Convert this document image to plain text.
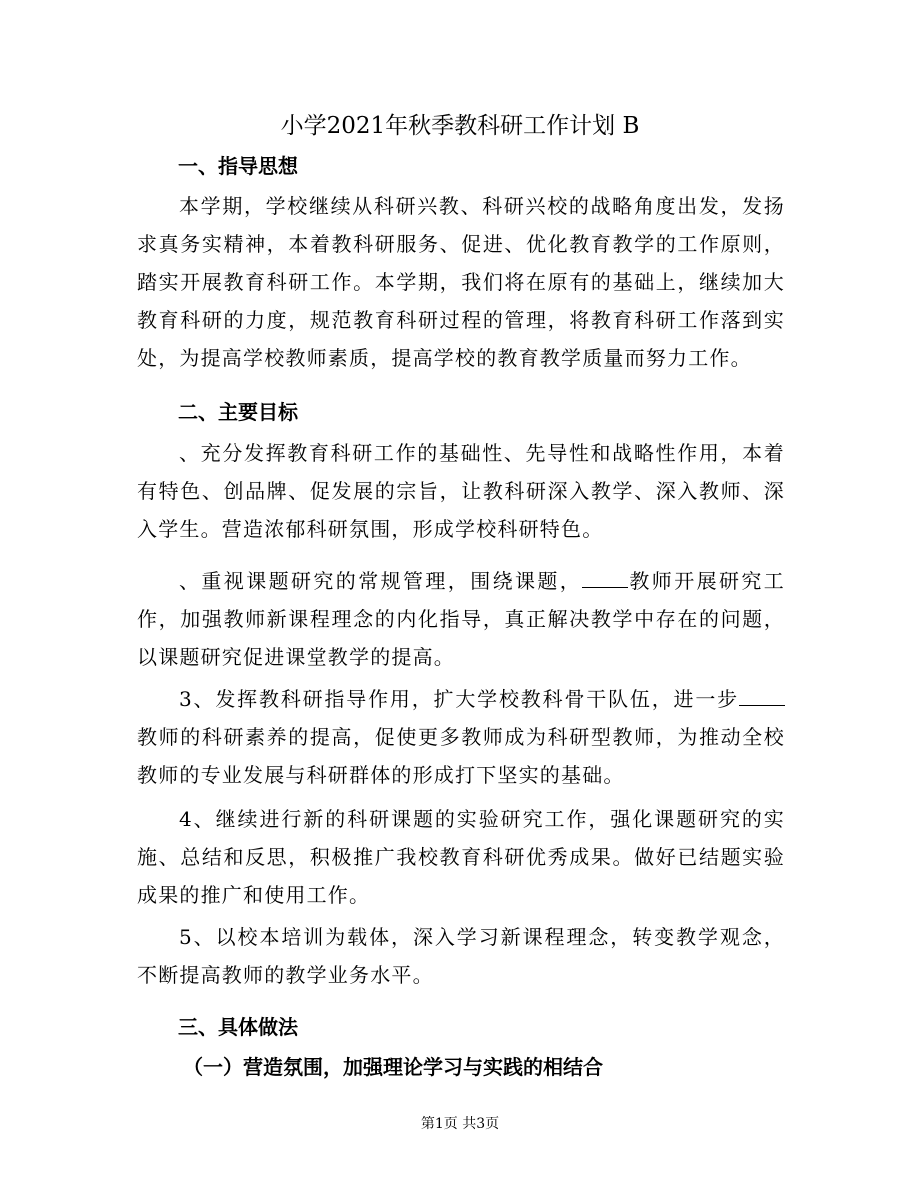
小学2021年秋季教科研工作计划 B
一、指导思想
本学期，学校继续从科研兴教、科研兴校的战略角度出发，发扬求真务实精神，本着教科研服务、促进、优化教育教学的工作原则，踏实开展教育科研工作。本学期，我们将在原有的基础上，继续加大教育科研的力度，规范教育科研过程的管理，将教育科研工作落到实处，为提高学校教师素质，提高学校的教育教学质量而努力工作。
二、主要目标
、充分发挥教育科研工作的基础性、先导性和战略性作用，本着有特色、创品牌、促发展的宗旨，让教科研深入教学、深入教师、深入学生。营造浓郁科研氛围，形成学校科研特色。
、重视课题研究的常规管理，围绕课题， 教师开展研究工作，加强教师新课程理念的内化指导，真正解决教学中存在的问题，以课题研究促进课堂教学的提高。
3、发挥教科研指导作用，扩大学校教科骨干队伍，进一步教师的科研素养的提高，促使更多教师成为科研型教师，为推动全校教师的专业发展与科研群体的形成打下坚实的基础。
4、继续进行新的科研课题的实验研究工作，强化课题研究的实施、总结和反思，积极推广我校教育科研优秀成果。做好已结题实验成果的推广和使用工作。
5、以校本培训为载体，深入学习新课程理念，转变教学观念，不断提高教师的教学业务水平。
三、具体做法
（一）营造氛围，加强理论学习与实践的相结合
第1页 共3页
